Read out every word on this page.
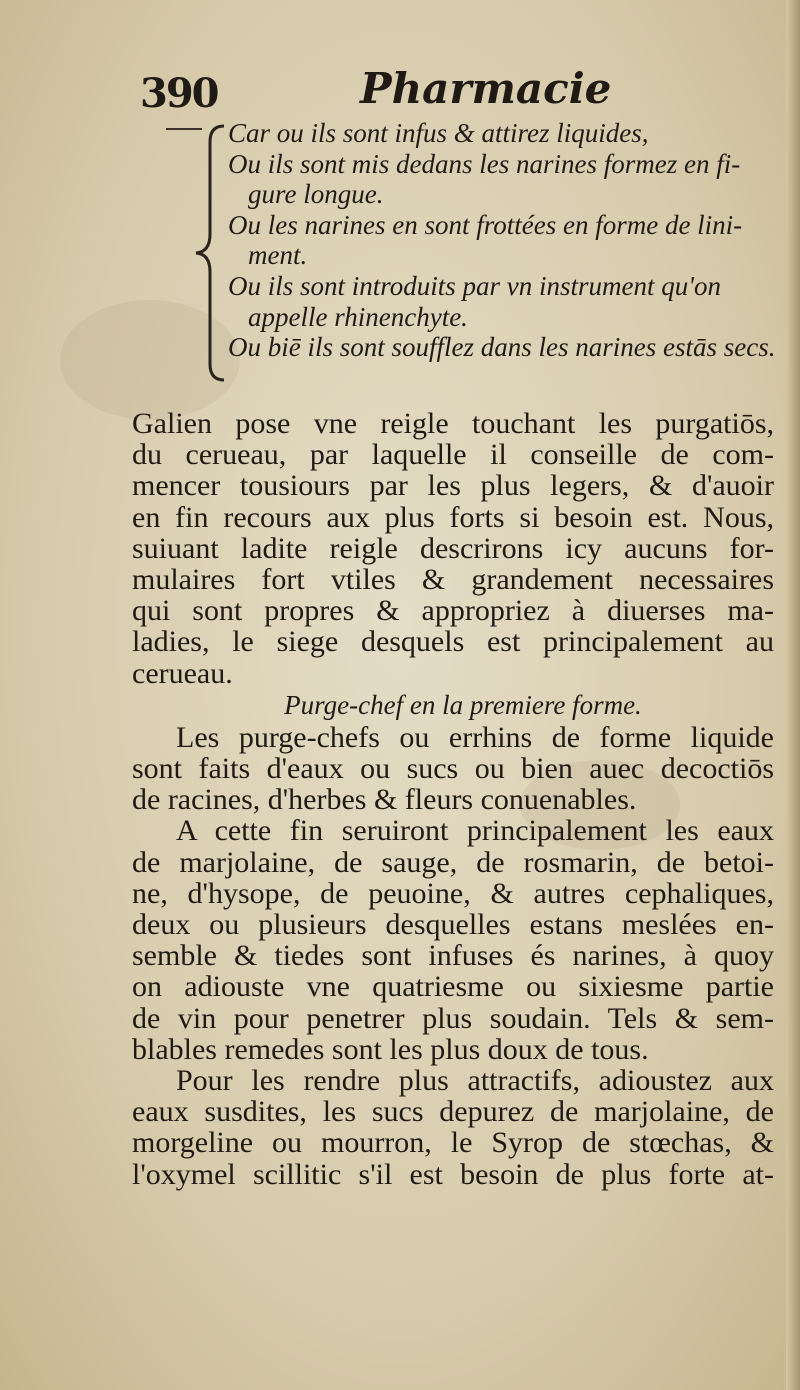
390	Pharmacie
Car ou ils sont infus & attirez liquides,
Ou ils sont mis dedans les narines formez en fi-
gure longue.
Ou les narines en sont frottées en forme de lini-
ment.
Ou ils sont introduits par vn instrument qu'on
appelle rhinenchyte.
Ou biē ils sont soufflez dans les narines estās secs.
Galien pose vne reigle touchant les purgatiōs,
du cerueau, par laquelle il conseille de com-
mencer tousiours par les plus legers, & d'auoir
en fin recours aux plus forts si besoin est. Nous,
suiuant ladite reigle descrirons icy aucuns for-
mulaires fort vtiles & grandement necessaires
qui sont propres & appropriez à diuerses ma-
ladies, le siege desquels est principalement au
cerueau.
Purge-chef en la premiere forme.
Les purge-chefs ou errhins de forme liquide
sont faits d'eaux ou sucs ou bien auec decoctiōs
de racines, d'herbes & fleurs conuenables.
A cette fin seruiront principalement les eaux
de marjolaine, de sauge, de rosmarin, de betoi-
ne, d'hysope, de peuoine, & autres cephaliques,
deux ou plusieurs desquelles estans meslées en-
semble & tiedes sont infuses és narines, à quoy
on adiouste vne quatriesme ou sixiesme partie
de vin pour penetrer plus soudain. Tels & sem-
blables remedes sont les plus doux de tous.
Pour les rendre plus attractifs, adioustez aux
eaux susdites, les sucs depurez de marjolaine, de
morgeline ou mourron, le Syrop de stœchas, &
l'oxymel scillitic s'il est besoin de plus forte at-
